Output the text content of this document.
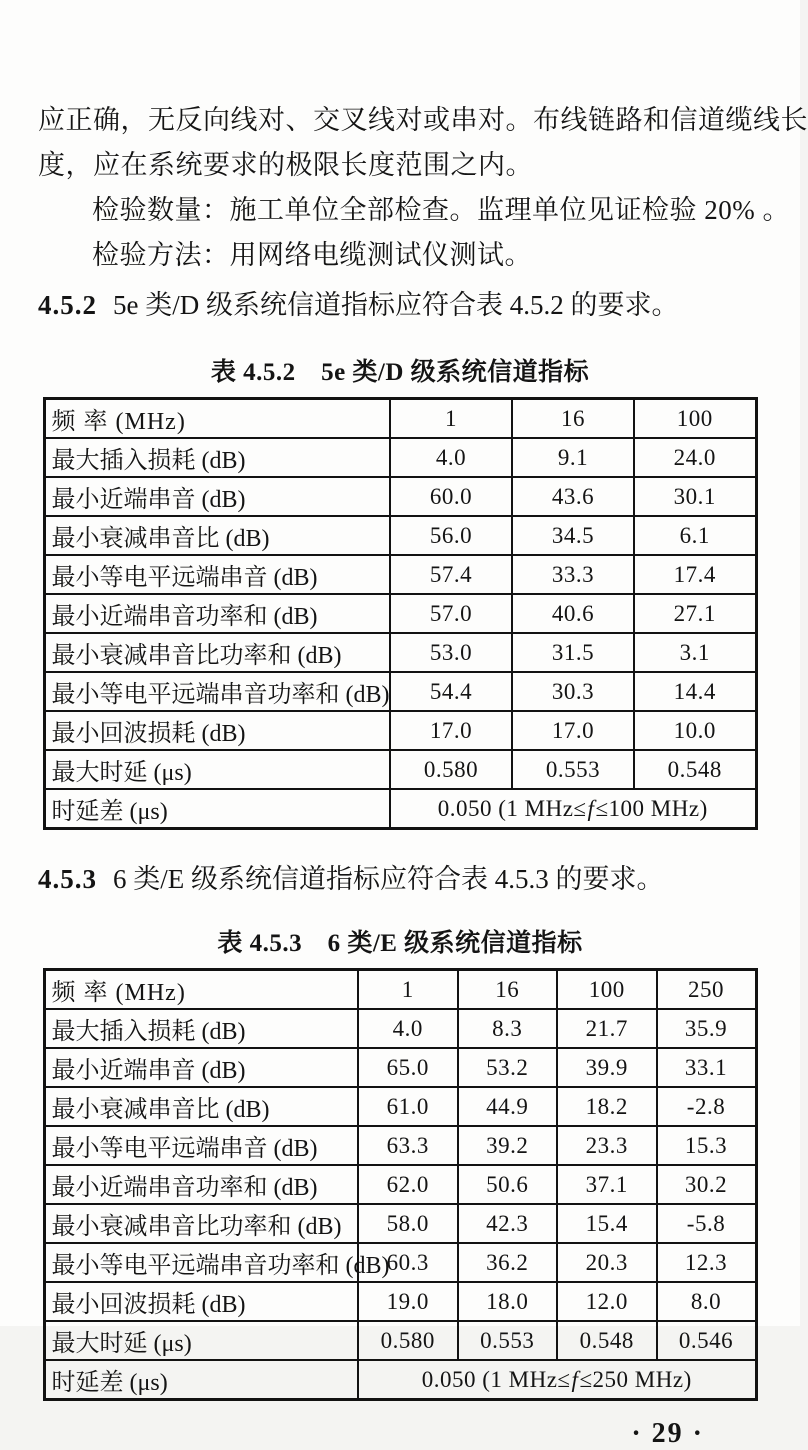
应正确，无反向线对、交叉线对或串对。布线链路和信道缆线长
度，应在系统要求的极限长度范围之内。
检验数量：施工单位全部检查。监理单位见证检验 20% 。
检验方法：用网络电缆测试仪测试。
4.5.2 5e 类/D 级系统信道指标应符合表 4.5.2 的要求。
表 4.5.2　5e 类/D 级系统信道指标
频 率 (MHz)	1	16	100
最大插入损耗 (dB)	4.0	9.1	24.0
最小近端串音 (dB)	60.0	43.6	30.1
最小衰减串音比 (dB)	56.0	34.5	6.1
最小等电平远端串音 (dB)	57.4	33.3	17.4
最小近端串音功率和 (dB)	57.0	40.6	27.1
最小衰减串音比功率和 (dB)	53.0	31.5	3.1
最小等电平远端串音功率和 (dB)	54.4	30.3	14.4
最小回波损耗 (dB)	17.0	17.0	10.0
最大时延 (μs)	0.580	0.553	0.548
时延差 (μs)	0.050 (1 MHz≤f≤100 MHz)		
4.5.3 6 类/E 级系统信道指标应符合表 4.5.3 的要求。
表 4.5.3　6 类/E 级系统信道指标
频 率 (MHz)	1	16	100	250
最大插入损耗 (dB)	4.0	8.3	21.7	35.9
最小近端串音 (dB)	65.0	53.2	39.9	33.1
最小衰减串音比 (dB)	61.0	44.9	18.2	-2.8
最小等电平远端串音 (dB)	63.3	39.2	23.3	15.3
最小近端串音功率和 (dB)	62.0	50.6	37.1	30.2
最小衰减串音比功率和 (dB)	58.0	42.3	15.4	-5.8
最小等电平远端串音功率和 (dB)	60.3	36.2	20.3	12.3
最小回波损耗 (dB)	19.0	18.0	12.0	8.0
最大时延 (μs)	0.580	0.553	0.548	0.546
时延差 (μs)	0.050 (1 MHz≤f≤250 MHz)			
· 29 ·
